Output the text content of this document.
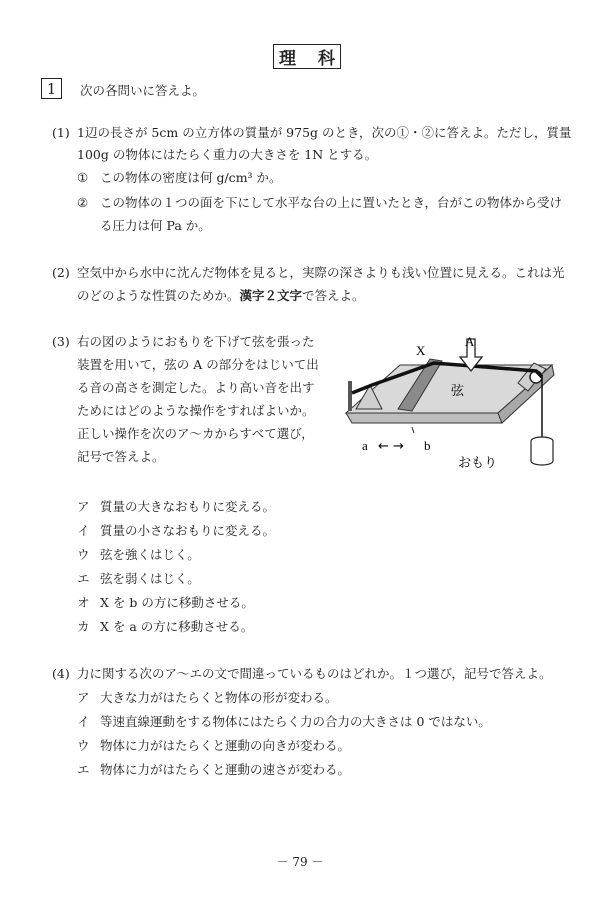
理 科
1	次の各問いに答えよ。
(1) 1辺の長さが 5cm の立方体の質量が 975g のとき，次の①・②に答えよ。ただし，質量
100g の物体にはたらく重力の大きさを 1N とする。
① この物体の密度は何 g/cm³ か。
② この物体の１つの面を下にして水平な台の上に置いたとき，台がこの物体から受け
る圧力は何 Pa か。
(2) 空気中から水中に沈んだ物体を見ると，実際の深さよりも浅い位置に見える。これは光
のどのような性質のためか。漢字２文字で答えよ。
(3) 右の図のようにおもりを下げて弦を張った
装置を用いて，弦の A の部分をはじいて出
る音の高さを測定した。より高い音を出す
ためにはどのような操作をすればよいか。
正しい操作を次のア～カからすべて選び，
記号で答えよ。
X
A
弦
a ← → b
おもり
ア 質量の大きなおもりに変える。
イ 質量の小さなおもりに変える。
ウ 弦を強くはじく。
エ 弦を弱くはじく。
オ X を b の方に移動させる。
カ X を a の方に移動させる。
(4) 力に関する次のア～エの文で間違っているものはどれか。１つ選び，記号で答えよ。
ア 大きな力がはたらくと物体の形が変わる。
イ 等速直線運動をする物体にはたらく力の合力の大きさは 0 ではない。
ウ 物体に力がはたらくと運動の向きが変わる。
エ 物体に力がはたらくと運動の速さが変わる。
－ 79 －
